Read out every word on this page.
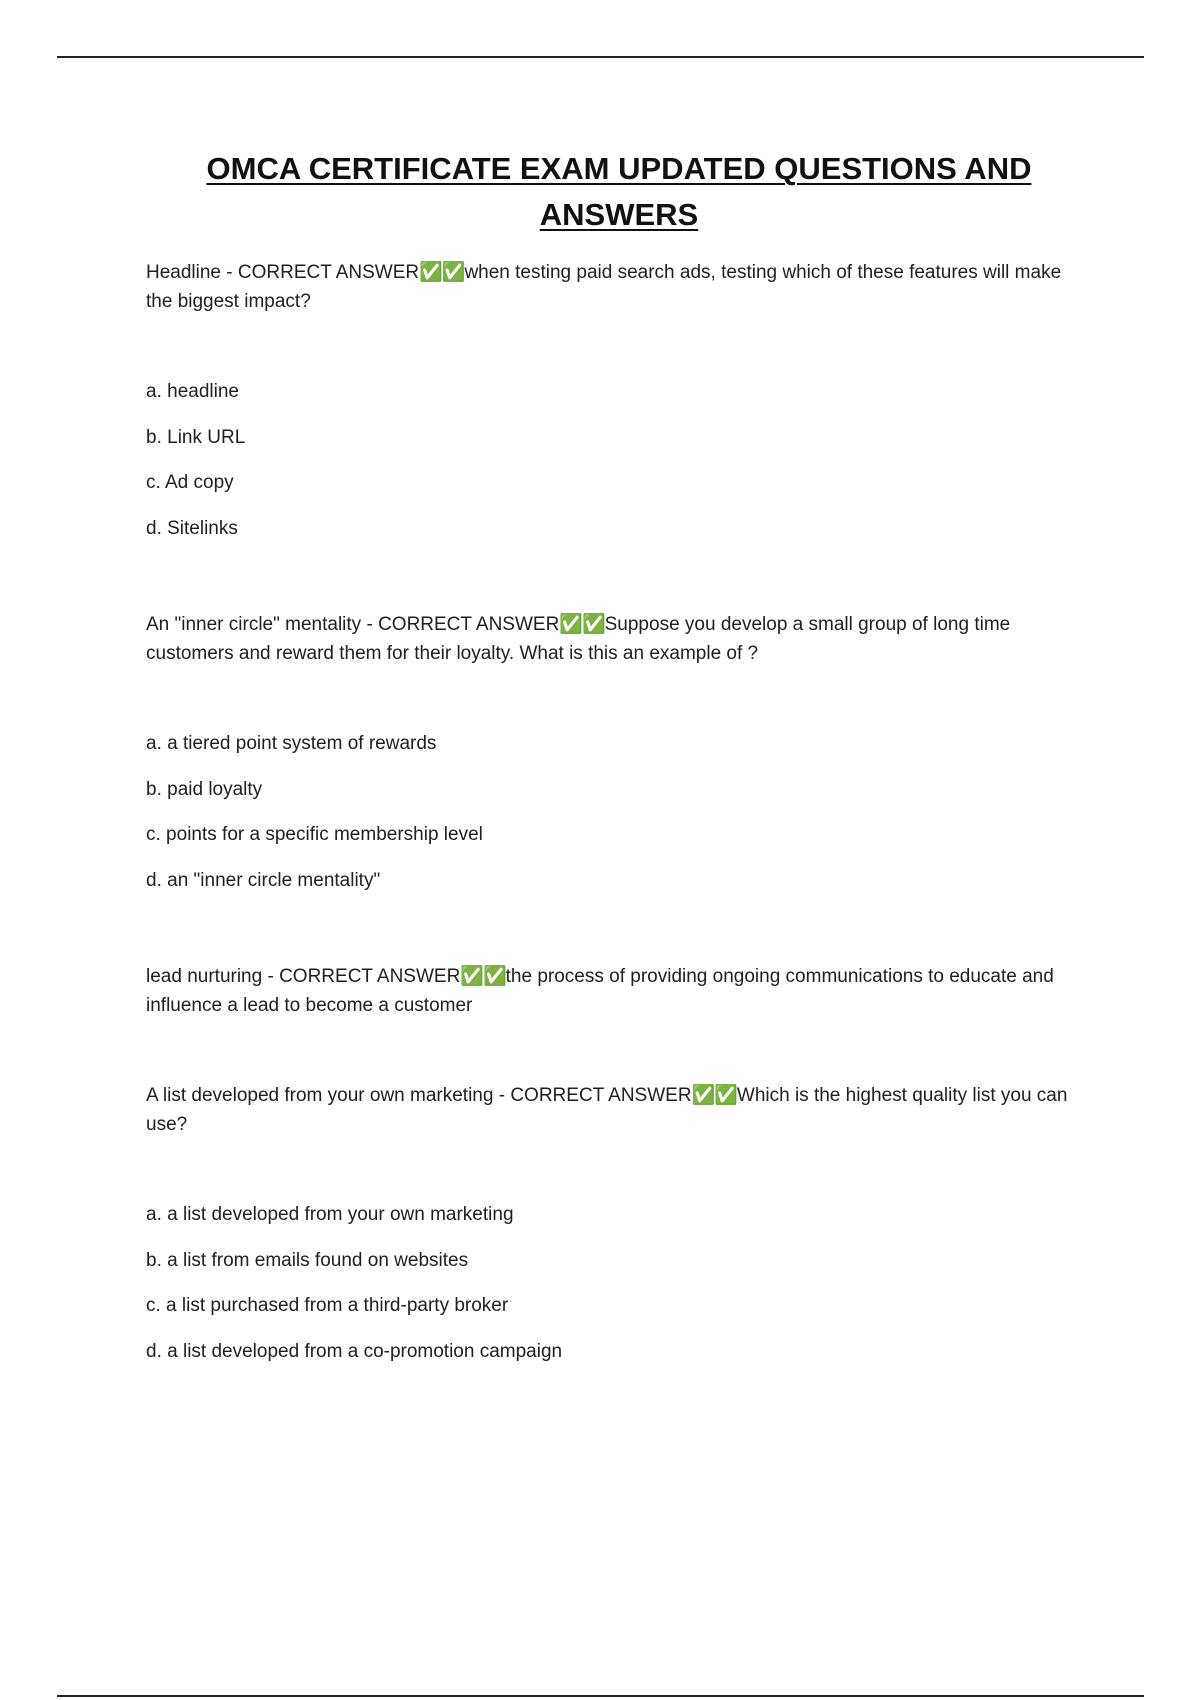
OMCA CERTIFICATE EXAM UPDATED QUESTIONS AND
ANSWERS

Headline - CORRECT ANSWER✅✅when testing paid search ads, testing which of these features will make the biggest impact?

a. headline
b. Link URL
c. Ad copy
d. Sitelinks

An "inner circle" mentality - CORRECT ANSWER✅✅Suppose you develop a small group of long time customers and reward them for their loyalty. What is this an example of ?

a. a tiered point system of rewards
b. paid loyalty
c. points for a specific membership level
d. an "inner circle mentality"

lead nurturing - CORRECT ANSWER✅✅the process of providing ongoing communications to educate and influence a lead to become a customer

A list developed from your own marketing - CORRECT ANSWER✅✅Which is the highest quality list you can use?

a. a list developed from your own marketing
b. a list from emails found on websites
c. a list purchased from a third-party broker
d. a list developed from a co-promotion campaign
